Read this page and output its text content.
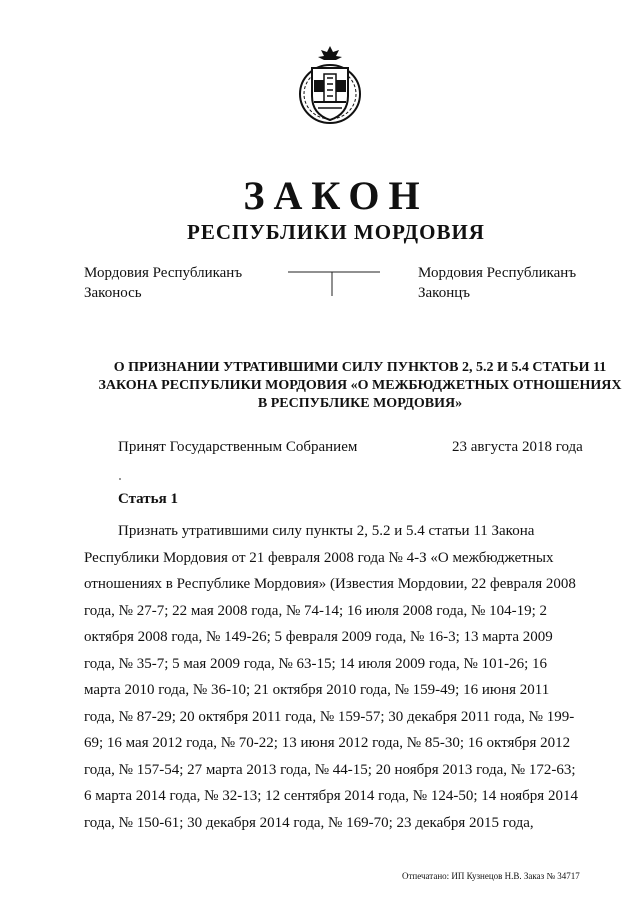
ЗАКОН
РЕСПУБЛИКИ МОРДОВИЯ
Мордовия Республиканъ
Законось
Мордовия Республиканъ
Законцъ
О ПРИЗНАНИИ УТРАТИВШИМИ СИЛУ ПУНКТОВ 2, 5.2 И 5.4 СТАТЬИ 11
ЗАКОНА РЕСПУБЛИКИ МОРДОВИЯ «О МЕЖБЮДЖЕТНЫХ ОТНОШЕНИЯХ
В РЕСПУБЛИКЕ МОРДОВИЯ»
Принят Государственным Собранием	23 августа 2018 года
Статья 1
Признать утратившими силу пункты 2, 5.2 и 5.4 статьи 11 Закона
Республики Мордовия от 21 февраля 2008 года № 4-З «О межбюджетных
отношениях в Республике Мордовия» (Известия Мордовии, 22 февраля 2008
года, № 27-7; 22 мая 2008 года, № 74-14; 16 июля 2008 года, № 104-19; 2
октября 2008 года, № 149-26; 5 февраля 2009 года, № 16-3; 13 марта 2009
года, № 35-7; 5 мая 2009 года, № 63-15; 14 июля 2009 года, № 101-26; 16
марта 2010 года, № 36-10; 21 октября 2010 года, № 159-49; 16 июня 2011
года, № 87-29; 20 октября 2011 года, № 159-57; 30 декабря 2011 года, № 199-
69; 16 мая 2012 года, № 70-22; 13 июня 2012 года, № 85-30; 16 октября 2012
года, № 157-54; 27 марта 2013 года, № 44-15; 20 ноября 2013 года, № 172-63;
6 марта 2014 года, № 32-13; 12 сентября 2014 года, № 124-50; 14 ноября 2014
года, № 150-61; 30 декабря 2014 года, № 169-70; 23 декабря 2015 года,
Отпечатано: ИП Кузнецов Н.В. Заказ № 34717
